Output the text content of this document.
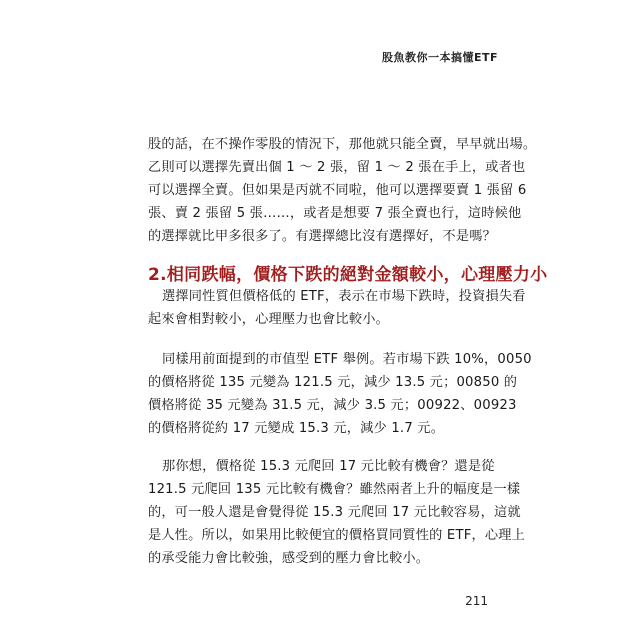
股魚教你一本搞懂ETF

股的話，在不操作零股的情況下，那他就只能全賣，早早就出場。
乙則可以選擇先賣出個 1 ～ 2 張，留 1 ～ 2 張在手上，或者也
可以選擇全賣。但如果是丙就不同啦，他可以選擇要賣 1 張留 6
張、賣 2 張留 5 張……，或者是想要 7 張全賣也行，這時候他
的選擇就比甲多很多了。有選擇總比沒有選擇好，不是嗎？

2.相同跌幅，價格下跌的絕對金額較小，心理壓力小

選擇同性質但價格低的 ETF，表示在市場下跌時，投資損失看
起來會相對較小，心理壓力也會比較小。

同樣用前面提到的市值型 ETF 舉例。若市場下跌 10%，0050
的價格將從 135 元變為 121.5 元，減少 13.5 元；00850 的
價格將從 35 元變為 31.5 元，減少 3.5 元；00922、00923
的價格將從約 17 元變成 15.3 元，減少 1.7 元。

那你想，價格從 15.3 元爬回 17 元比較有機會？還是從
121.5 元爬回 135 元比較有機會？雖然兩者上升的幅度是一樣
的，可一般人還是會覺得從 15.3 元爬回 17 元比較容易，這就
是人性。所以，如果用比較便宜的價格買同質性的 ETF，心理上
的承受能力會比較強，感受到的壓力會比較小。

211
